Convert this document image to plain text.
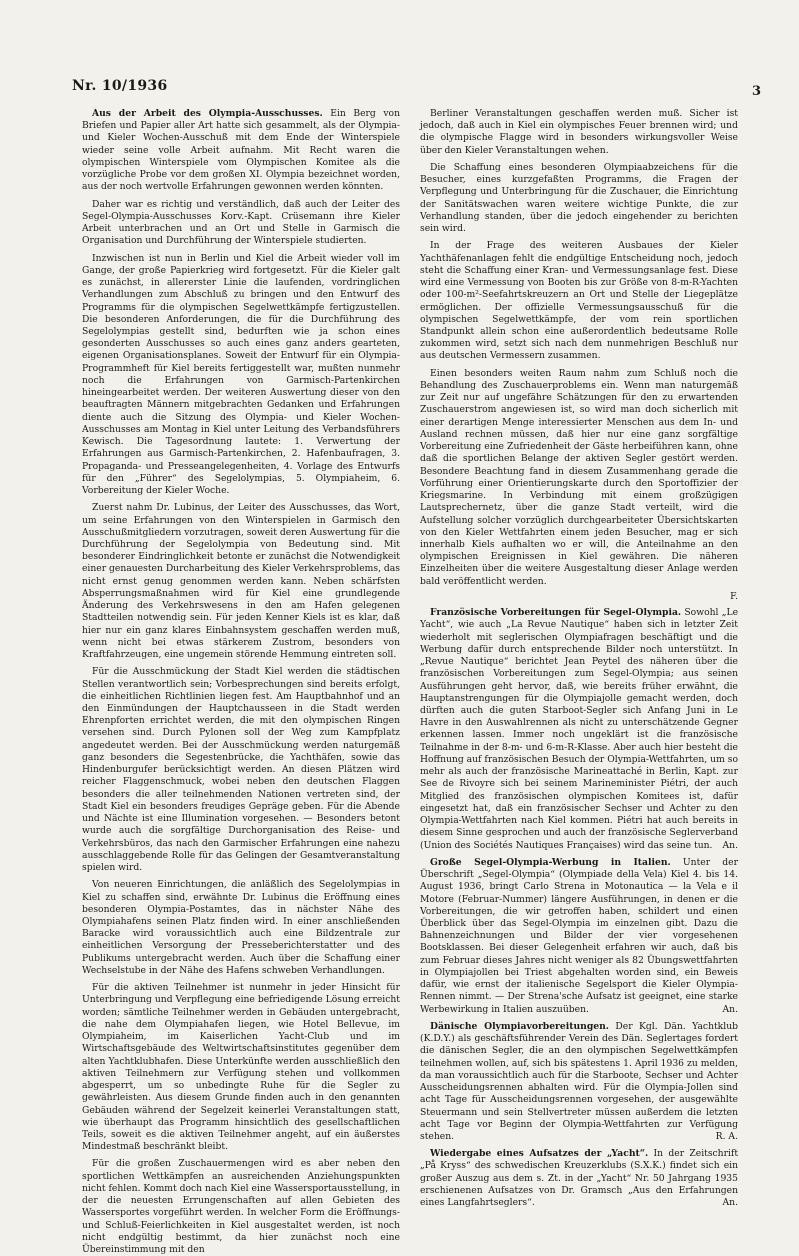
Nr. 10/1936	3

Aus der Arbeit des Olympia-Ausschusses. Ein Berg von Briefen und Papier aller Art hatte sich gesammelt, als der Olympia- und Kieler Wochen-Ausschuß mit dem Ende der Winterspiele wieder seine volle Arbeit aufnahm. Mit Recht waren die olympischen Winterspiele vom Olympischen Komitee als die vorzügliche Probe vor dem großen XI. Olympia bezeichnet worden, aus der noch wertvolle Erfahrungen gewonnen werden könnten.

Daher war es richtig und verständlich, daß auch der Leiter des Segel-Olympia-Ausschusses Korv.-Kapt. Crüsemann ihre Kieler Arbeit unterbrachen und an Ort und Stelle in Garmisch die Organisation und Durchführung der Winterspiele studierten.

Inzwischen ist nun in Berlin und Kiel die Arbeit wieder voll im Gange, der große Papierkrieg wird fortgesetzt. Für die Kieler galt es zunächst, in allererster Linie die laufenden, vordringlichen Verhandlungen zum Abschluß zu bringen und den Entwurf des Programms für die olympischen Segelwettkämpfe fertigzustellen. Die besonderen Anforderungen, die für die Durchführung des Segelolympias gestellt sind, bedurften wie ja schon eines gesonderten Ausschusses so auch eines ganz anders gearteten, eigenen Organisationsplanes. Soweit der Entwurf für ein Olympia-Programmheft für Kiel bereits fertiggestellt war, mußten nunmehr noch die Erfahrungen von Garmisch-Partenkirchen hineingearbeitet werden. Der weiteren Auswertung dieser von den beauftragten Männern mitgebrachten Gedanken und Erfahrungen diente auch die Sitzung des Olympia- und Kieler Wochen-Ausschusses am Montag in Kiel unter Leitung des Verbandsführers Kewisch. Die Tagesordnung lautete: 1. Verwertung der Erfahrungen aus Garmisch-Partenkirchen, 2. Hafenbaufragen, 3. Propaganda- und Presseangelegenheiten, 4. Vorlage des Entwurfs für den „Führer“ des Segelolympias, 5. Olympiaheim, 6. Vorbereitung der Kieler Woche.

Zuerst nahm Dr. Lubinus, der Leiter des Ausschusses, das Wort, um seine Erfahrungen von den Winterspielen in Garmisch den Ausschußmitgliedern vorzutragen, soweit deren Auswertung für die Durchführung der Segelolympia von Bedeutung sind. Mit besonderer Eindringlichkeit betonte er zunächst die Notwendigkeit einer genauesten Durcharbeitung des Kieler Verkehrsproblems, das nicht ernst genug genommen werden kann. Neben schärfsten Absperrungsmaßnahmen wird für Kiel eine grundlegende Änderung des Verkehrswesens in den am Hafen gelegenen Stadtteilen notwendig sein. Für jeden Kenner Kiels ist es klar, daß hier nur ein ganz klares Einbahnsystem geschaffen werden muß, wenn nicht bei etwas stärkerem Zustrom, besonders von Kraftfahrzeugen, eine ungemein störende Hemmung eintreten soll.

Für die Ausschmückung der Stadt Kiel werden die städtischen Stellen verantwortlich sein; Vorbesprechungen sind bereits erfolgt, die einheitlichen Richtlinien liegen fest. Am Hauptbahnhof und an den Einmündungen der Hauptchausseen in die Stadt werden Ehrenpforten errichtet werden, die mit den olympischen Ringen versehen sind. Durch Pylonen soll der Weg zum Kampfplatz angedeutet werden. Bei der Ausschmückung werden naturgemäß ganz besonders die Segestenbrücke, die Yachthäfen, sowie das Hindenburgufer berücksichtigt werden. An diesen Plätzen wird reicher Flaggenschmuck, wobei neben den deutschen Flaggen besonders die aller teilnehmenden Nationen vertreten sind, der Stadt Kiel ein besonders freudiges Gepräge geben. Für die Abende und Nächte ist eine Illumination vorgesehen. — Besonders betont wurde auch die sorgfältige Durchorganisation des Reise- und Verkehrsbüros, das nach den Garmischer Erfahrungen eine nahezu ausschlaggebende Rolle für das Gelingen der Gesamtveranstaltung spielen wird.

Von neueren Einrichtungen, die anläßlich des Segelolympias in Kiel zu schaffen sind, erwähnte Dr. Lubinus die Eröffnung eines besonderen Olympia-Postamtes, das in nächster Nähe des Olympiahafens seinen Platz finden wird. In einer anschließenden Baracke wird voraussichtlich auch eine Bildzentrale zur einheitlichen Versorgung der Presseberichterstatter und des Publikums untergebracht werden. Auch über die Schaffung einer Wechselstube in der Nähe des Hafens schweben Verhandlungen.

Für die aktiven Teilnehmer ist nunmehr in jeder Hinsicht für Unterbringung und Verpflegung eine befriedigende Lösung erreicht worden; sämtliche Teilnehmer werden in Gebäuden untergebracht, die nahe dem Olympiahafen liegen, wie Hotel Bellevue, im Olympiaheim, im Kaiserlichen Yacht-Club und im Wirtschaftsgebäude des Weltwirtschaftsinstitutes gegenüber dem alten Yachtklubhafen. Diese Unterkünfte werden ausschließlich den aktiven Teilnehmern zur Verfügung stehen und vollkommen abgesperrt, um so unbedingte Ruhe für die Segler zu gewährleisten. Aus diesem Grunde finden auch in den genannten Gebäuden während der Segelzeit keinerlei Veranstaltungen statt, wie überhaupt das Programm hinsichtlich des gesellschaftlichen Teils, soweit es die aktiven Teilnehmer angeht, auf ein äußerstes Mindestmaß beschränkt bleibt.

Für die großen Zuschauermengen wird es aber neben den sportlichen Wettkämpfen an ausreichenden Anziehungspunkten nicht fehlen. Kommt doch nach Kiel eine Wassersportausstellung, in der die neuesten Errungenschaften auf allen Gebieten des Wassersportes vorgeführt werden. In welcher Form die Eröffnungs- und Schluß-Feierlichkeiten in Kiel ausgestaltet werden, ist noch nicht endgültig bestimmt, da hier zunächst noch eine Übereinstimmung mit den

Berliner Veranstaltungen geschaffen werden muß. Sicher ist jedoch, daß auch in Kiel ein olympisches Feuer brennen wird; und die olympische Flagge wird in besonders wirkungsvoller Weise über den Kieler Veranstaltungen wehen.

Die Schaffung eines besonderen Olympiaabzeichens für die Besucher, eines kurzgefaßten Programms, die Fragen der Verpflegung und Unterbringung für die Zuschauer, die Einrichtung der Sanitätswachen waren weitere wichtige Punkte, die zur Verhandlung standen, über die jedoch eingehender zu berichten sein wird.

In der Frage des weiteren Ausbaues der Kieler Yachthäfenanlagen fehlt die endgültige Entscheidung noch, jedoch steht die Schaffung einer Kran- und Vermessungsanlage fest. Diese wird eine Vermessung von Booten bis zur Größe von 8-m-R-Yachten oder 100-m²-Seefahrtskreuzern an Ort und Stelle der Liegeplätze ermöglichen. Der offizielle Vermessungsausschuß für die olympischen Segelwettkämpfe, der vom rein sportlichen Standpunkt allein schon eine außerordentlich bedeutsame Rolle zukommen wird, setzt sich nach dem nunmehrigen Beschluß nur aus deutschen Vermessern zusammen.

Einen besonders weiten Raum nahm zum Schluß noch die Behandlung des Zuschauerproblems ein. Wenn man naturgemäß zur Zeit nur auf ungefähre Schätzungen für den zu erwartenden Zuschauerstrom angewiesen ist, so wird man doch sicherlich mit einer derartigen Menge interessierter Menschen aus dem In- und Ausland rechnen müssen, daß hier nur eine ganz sorgfältige Vorbereitung eine Zufriedenheit der Gäste herbeiführen kann, ohne daß die sportlichen Belange der aktiven Segler gestört werden. Besondere Beachtung fand in diesem Zusammenhang gerade die Vorführung einer Orientierungskarte durch den Sportoffizier der Kriegsmarine. In Verbindung mit einem großzügigen Lautsprechernetz, über die ganze Stadt verteilt, wird die Aufstellung solcher vorzüglich durchgearbeiteter Übersichtskarten von den Kieler Wettfahrten einem jeden Besucher, mag er sich innerhalb Kiels aufhalten wo er will, die Anteilnahme an den olympischen Ereignissen in Kiel gewähren. Die näheren Einzelheiten über die weitere Ausgestaltung dieser Anlage werden bald veröffentlicht werden.

F.

Französische Vorbereitungen für Segel-Olympia. Sowohl „Le Yacht“, wie auch „La Revue Nautique“ haben sich in letzter Zeit wiederholt mit seglerischen Olympiafragen beschäftigt und die Werbung dafür durch entsprechende Bilder noch unterstützt. In „Revue Nautique“ berichtet Jean Peytel des näheren über die französischen Vorbereitungen zum Segel-Olympia; aus seinen Ausführungen geht hervor, daß, wie bereits früher erwähnt, die Hauptanstrengungen für die Olympiajolle gemacht werden, doch dürften auch die guten Starboot-Segler sich Anfang Juni in Le Havre in den Auswahlrennen als nicht zu unterschätzende Gegner erkennen lassen. Immer noch ungeklärt ist die französische Teilnahme in der 8-m- und 6-m-R-Klasse. Aber auch hier besteht die Hoffnung auf französischen Besuch der Olympia-Wettfahrten, um so mehr als auch der französische Marineattaché in Berlin, Kapt. zur See de Rivoyre sich bei seinem Marineminister Piétri, der auch Mitglied des französischen olympischen Komitees ist, dafür eingesetzt hat, daß ein französischer Sechser und Achter zu den Olympia-Wettfahrten nach Kiel kommen. Piétri hat auch bereits in diesem Sinne gesprochen und auch der französische Seglerverband (Union des Sociétés Nautiques Françaises) wird das seine tun.	An.

Große Segel-Olympia-Werbung in Italien. Unter der Überschrift „Segel-Olympia“ (Olympiade della Vela) Kiel 4. bis 14. August 1936, bringt Carlo Strena in Motonautica — la Vela e il Motore (Februar-Nummer) längere Ausführungen, in denen er die Vorbereitungen, die wir getroffen haben, schildert und einen Überblick über das Segel-Olympia im einzelnen gibt. Dazu die Bahnenzeichnungen und Bilder der vier vorgesehenen Bootsklassen. Bei dieser Gelegenheit erfahren wir auch, daß bis zum Februar dieses Jahres nicht weniger als 82 Übungswettfahrten in Olympiajollen bei Triest abgehalten worden sind, ein Beweis dafür, wie ernst der italienische Segelsport die Kieler Olympia-Rennen nimmt. — Der Strena'sche Aufsatz ist geeignet, eine starke Werbewirkung in Italien auszuüben.	An.

Dänische Olympiavorbereitungen. Der Kgl. Dän. Yachtklub (K.D.Y.) als geschäftsführender Verein des Dän. Seglertages fordert die dänischen Segler, die an den olympischen Segelwettkämpfen teilnehmen wollen, auf, sich bis spätestens 1. April 1936 zu melden, da man voraussichtlich auch für die Starboote, Sechser und Achter Ausscheidungsrennen abhalten wird. Für die Olympia-Jollen sind acht Tage für Ausscheidungsrennen vorgesehen, der ausgewählte Steuermann und sein Stellvertreter müssen außerdem die letzten acht Tage vor Beginn der Olympia-Wettfahrten zur Verfügung stehen.	R. A.

Wiedergabe eines Aufsatzes der „Yacht“. In der Zeitschrift „På Kryss“ des schwedischen Kreuzerklubs (S.X.K.) findet sich ein großer Auszug aus dem s. Zt. in der „Yacht“ Nr. 50 Jahrgang 1935 erschienenen Aufsatzes von Dr. Gramsch „Aus den Erfahrungen eines Langfahrtseglers“.	An.
